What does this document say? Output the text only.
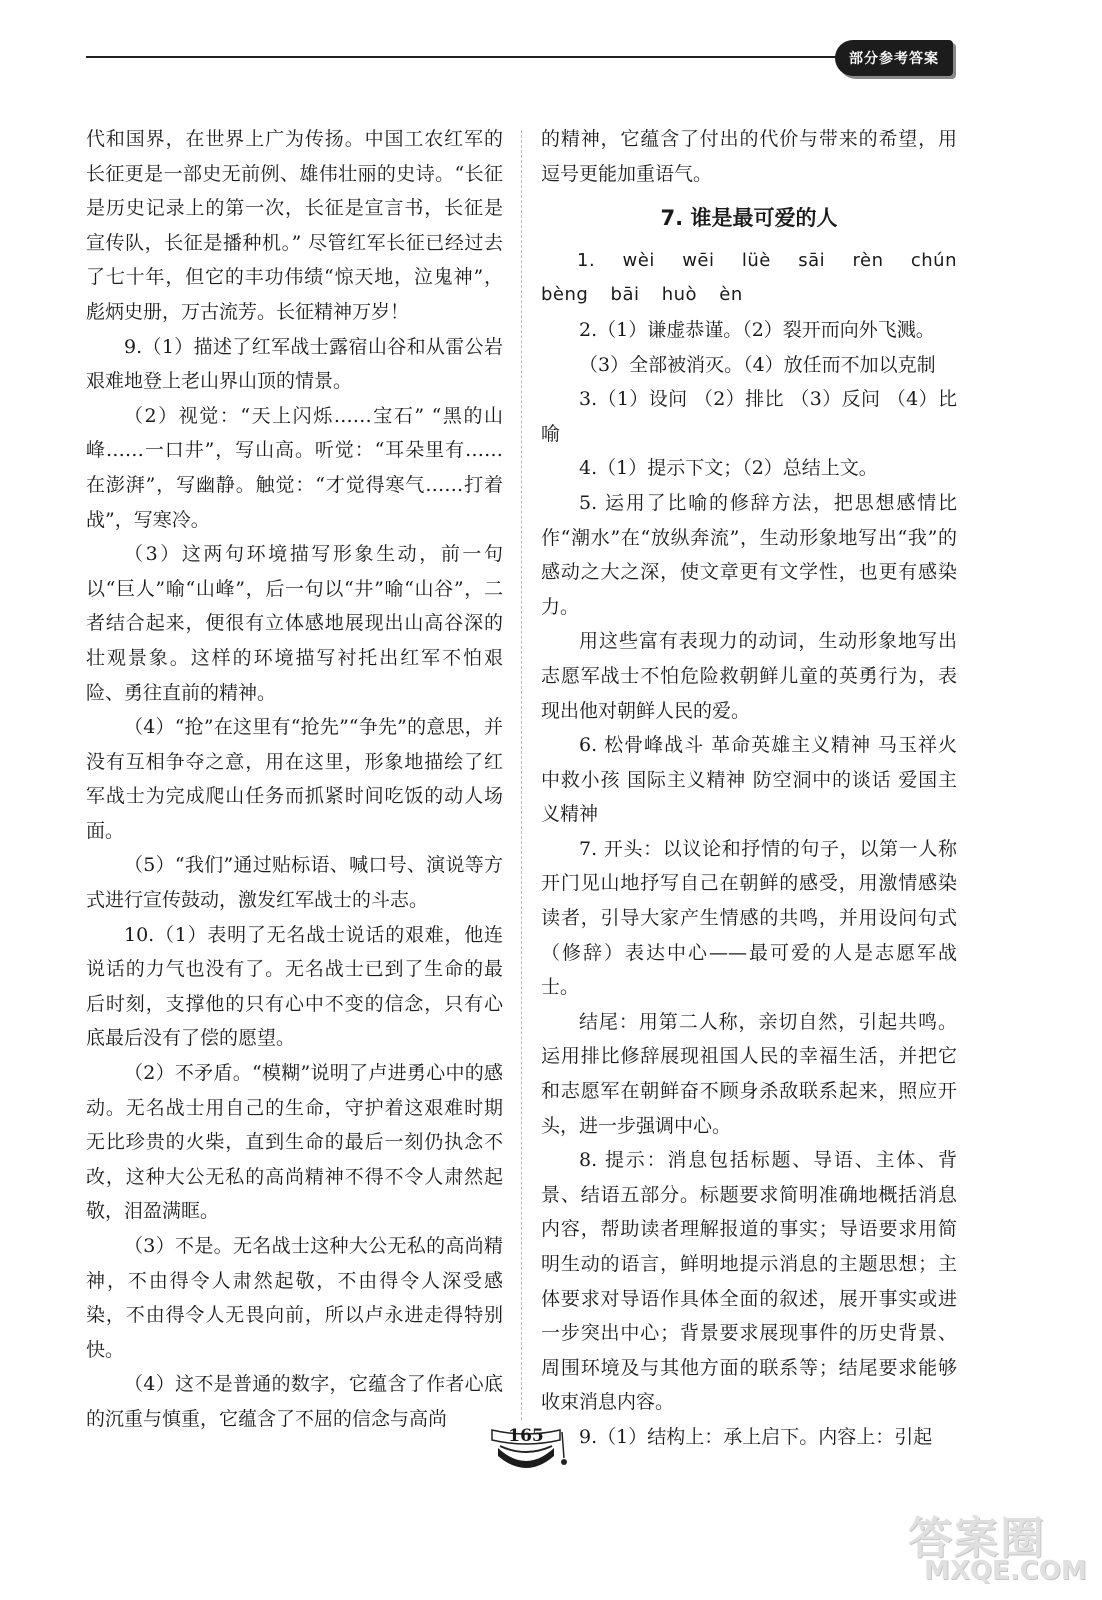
部分参考答案

代和国界，在世界上广为传扬。中国工农红军的长征更是一部史无前例、雄伟壮丽的史诗。“长征是历史记录上的第一次，长征是宣言书，长征是宣传队，长征是播种机。” 尽管红军长征已经过去了七十年，但它的丰功伟绩“惊天地，泣鬼神”，彪炳史册，万古流芳。长征精神万岁！

9.（1）描述了红军战士露宿山谷和从雷公岩艰难地登上老山界山顶的情景。

（2）视觉：“天上闪烁……宝石” “黑的山峰……一口井”，写山高。听觉：“耳朵里有……在澎湃”，写幽静。触觉：“才觉得寒气……打着战”，写寒冷。

（3）这两句环境描写形象生动，前一句以“巨人”喻“山峰”，后一句以“井”喻“山谷”，二者结合起来，便很有立体感地展现出山高谷深的壮观景象。这样的环境描写衬托出红军不怕艰险、勇往直前的精神。

（4）“抢”在这里有“抢先”“争先”的意思，并没有互相争夺之意，用在这里，形象地描绘了红军战士为完成爬山任务而抓紧时间吃饭的动人场面。

（5）“我们”通过贴标语、喊口号、演说等方式进行宣传鼓动，激发红军战士的斗志。

10.（1）表明了无名战士说话的艰难，他连说话的力气也没有了。无名战士已到了生命的最后时刻，支撑他的只有心中不变的信念，只有心底最后没有了偿的愿望。

（2）不矛盾。“模糊”说明了卢进勇心中的感动。无名战士用自己的生命，守护着这艰难时期无比珍贵的火柴，直到生命的最后一刻仍执念不改，这种大公无私的高尚精神不得不令人肃然起敬，泪盈满眶。

（3）不是。无名战士这种大公无私的高尚精神，不由得令人肃然起敬，不由得令人深受感染，不由得令人无畏向前，所以卢永进走得特别快。

（4）这不是普通的数字，它蕴含了作者心底的沉重与慎重，它蕴含了不屈的信念与高尚

的精神，它蕴含了付出的代价与带来的希望，用逗号更能加重语气。

7. 谁是最可爱的人

1. wèi wēi lüè sāi rèn chún bèng bāi huò èn

2.（1）谦虚恭谨。（2）裂开而向外飞溅。

（3）全部被消灭。（4）放任而不加以克制

3.（1）设问 （2）排比 （3）反问 （4）比喻

4.（1）提示下文；（2）总结上文。

5. 运用了比喻的修辞方法，把思想感情比作“潮水”在“放纵奔流”，生动形象地写出“我”的感动之大之深，使文章更有文学性，也更有感染力。

用这些富有表现力的动词，生动形象地写出志愿军战士不怕危险救朝鲜儿童的英勇行为，表现出他对朝鲜人民的爱。

6. 松骨峰战斗 革命英雄主义精神 马玉祥火中救小孩 国际主义精神 防空洞中的谈话 爱国主义精神

7. 开头：以议论和抒情的句子，以第一人称开门见山地抒写自己在朝鲜的感受，用激情感染读者，引导大家产生情感的共鸣，并用设问句式（修辞）表达中心——最可爱的人是志愿军战士。

结尾：用第二人称，亲切自然，引起共鸣。运用排比修辞展现祖国人民的幸福生活，并把它和志愿军在朝鲜奋不顾身杀敌联系起来，照应开头，进一步强调中心。

8. 提示：消息包括标题、导语、主体、背景、结语五部分。标题要求简明准确地概括消息内容，帮助读者理解报道的事实；导语要求用简明生动的语言，鲜明地提示消息的主题思想；主体要求对导语作具体全面的叙述，展开事实或进一步突出中心；背景要求展现事件的历史背景、周围环境及与其他方面的联系等；结尾要求能够收束消息内容。

9.（1）结构上：承上启下。内容上：引起

165
答案圈
MXQE.COM
